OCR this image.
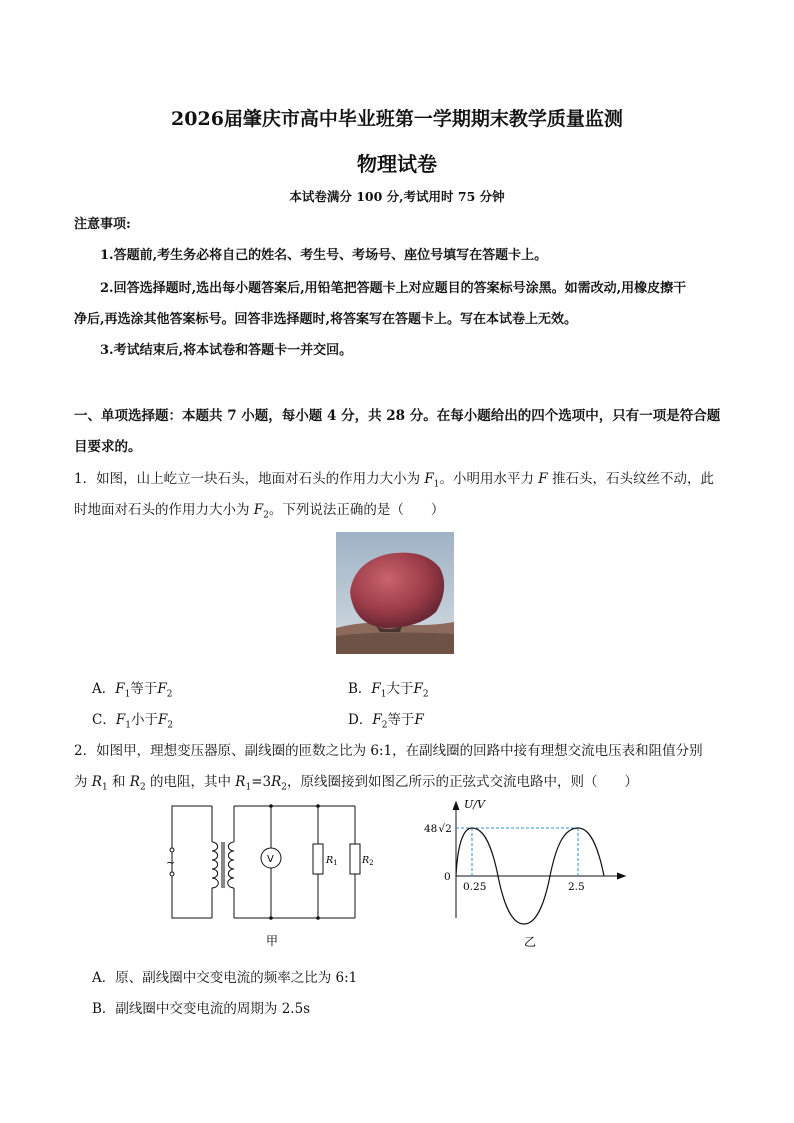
2026届肇庆市高中毕业班第一学期期末教学质量监测
物理试卷
本试卷满分 100 分,考试用时 75 分钟
注意事项:
1.答题前,考生务必将自己的姓名、考生号、考场号、座位号填写在答题卡上。
2.回答选择题时,选出每小题答案后,用铅笔把答题卡上对应题目的答案标号涂黑。如需改动,用橡皮擦干
净后,再选涂其他答案标号。回答非选择题时,将答案写在答题卡上。写在本试卷上无效。
3.考试结束后,将本试卷和答题卡一并交回。
一、单项选择题：本题共 7 小题，每小题 4 分，共 28 分。在每小题给出的四个选项中，只有一项是符合题
目要求的。
1．如图，山上屹立一块石头，地面对石头的作用力大小为 $F_1$。小明用水平力 F 推石头，石头纹丝不动，此
时地面对石头的作用力大小为 $F_2$。下列说法正确的是（　　）
A．$F_1$等于$F_2$	B．$F_1$大于$F_2$
C．$F_1$小于$F_2$	D．$F_2$等于F
2．如图甲，理想变压器原、副线圈的匝数之比为 6:1，在副线圈的回路中接有理想交流电压表和阻值分别
为 $R_1$ 和 $R_2$ 的电阻，其中 $R_1=3R_2$，原线圈接到如图乙所示的正弦式交流电路中，则（　　）
~	V	$R_1$	$R_2$
甲
U/V
48√2
0
0.25	2.5
乙
A．原、副线圈中交变电流的频率之比为 6:1
B．副线圈中交变电流的周期为 2.5s
